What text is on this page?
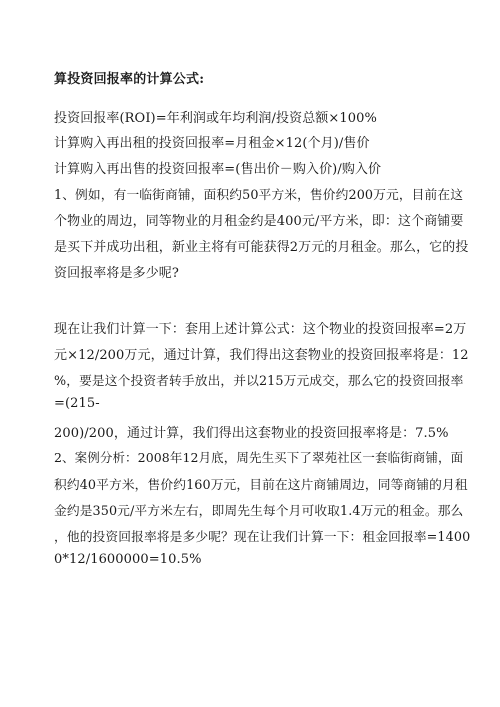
算投资回报率的计算公式:
投资回报率(ROI)=年利润或年均利润/投资总额×100%
计算购入再出租的投资回报率=月租金×12(个月)/售价
计算购入再出售的投资回报率=(售出价－购入价)/购入价
1、例如，有一临街商铺，面积约50平方米，售价约200万元，目前在这
个物业的周边，同等物业的月租金约是400元/平方米，即：这个商铺要
是买下并成功出租，新业主将有可能获得2万元的月租金。那么，它的投
资回报率将是多少呢?
现在让我们计算一下：套用上述计算公式：这个物业的投资回报率=2万
元×12/200万元，通过计算，我们得出这套物业的投资回报率将是：12
%，要是这个投资者转手放出，并以215万元成交，那么它的投资回报率
=(215-
200)/200，通过计算，我们得出这套物业的投资回报率将是：7.5%
2、案例分析：2008年12月底，周先生买下了翠苑社区一套临街商铺，面
积约40平方米，售价约160万元，目前在这片商铺周边，同等商铺的月租
金约是350元/平方米左右，即周先生每个月可收取1.4万元的租金。那么
，他的投资回报率将是多少呢？现在让我们计算一下：租金回报率=1400
0*12/1600000=10.5%
